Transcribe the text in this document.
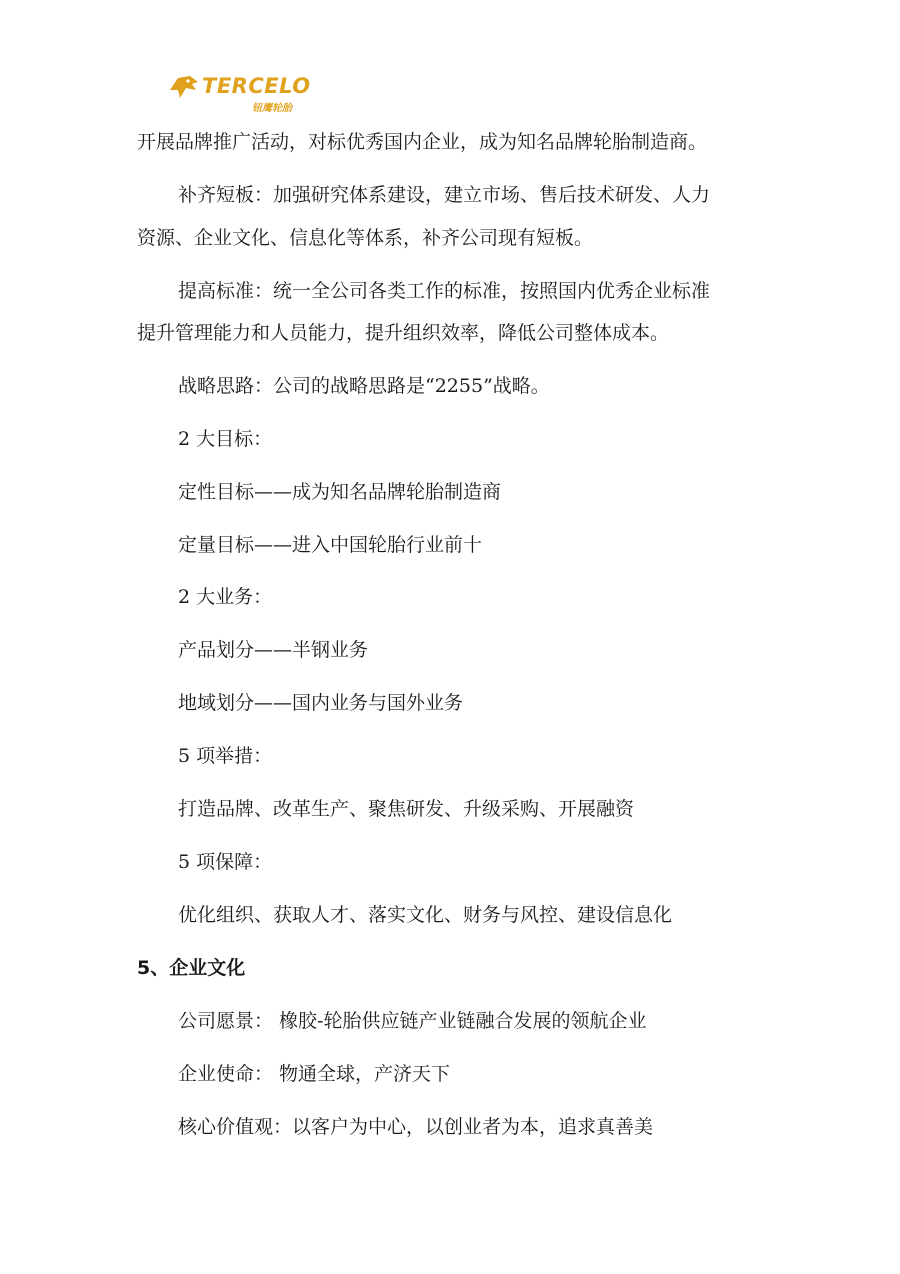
TERCELO
钮鹰轮胎
开展品牌推广活动，对标优秀国内企业，成为知名品牌轮胎制造商。
补齐短板：加强研究体系建设，建立市场、售后技术研发、人力
资源、企业文化、信息化等体系，补齐公司现有短板。
提高标准：统一全公司各类工作的标准，按照国内优秀企业标准
提升管理能力和人员能力，提升组织效率，降低公司整体成本。
战略思路：公司的战略思路是“2255”战略。
2 大目标：
定性目标——成为知名品牌轮胎制造商
定量目标——进入中国轮胎行业前十
2 大业务：
产品划分——半钢业务
地域划分——国内业务与国外业务
5 项举措：
打造品牌、改革生产、聚焦研发、升级采购、开展融资
5 项保障：
优化组织、获取人才、落实文化、财务与风控、建设信息化
5、企业文化
公司愿景： 橡胶-轮胎供应链产业链融合发展的领航企业
企业使命： 物通全球，产济天下
核心价值观：以客户为中心，以创业者为本，追求真善美
